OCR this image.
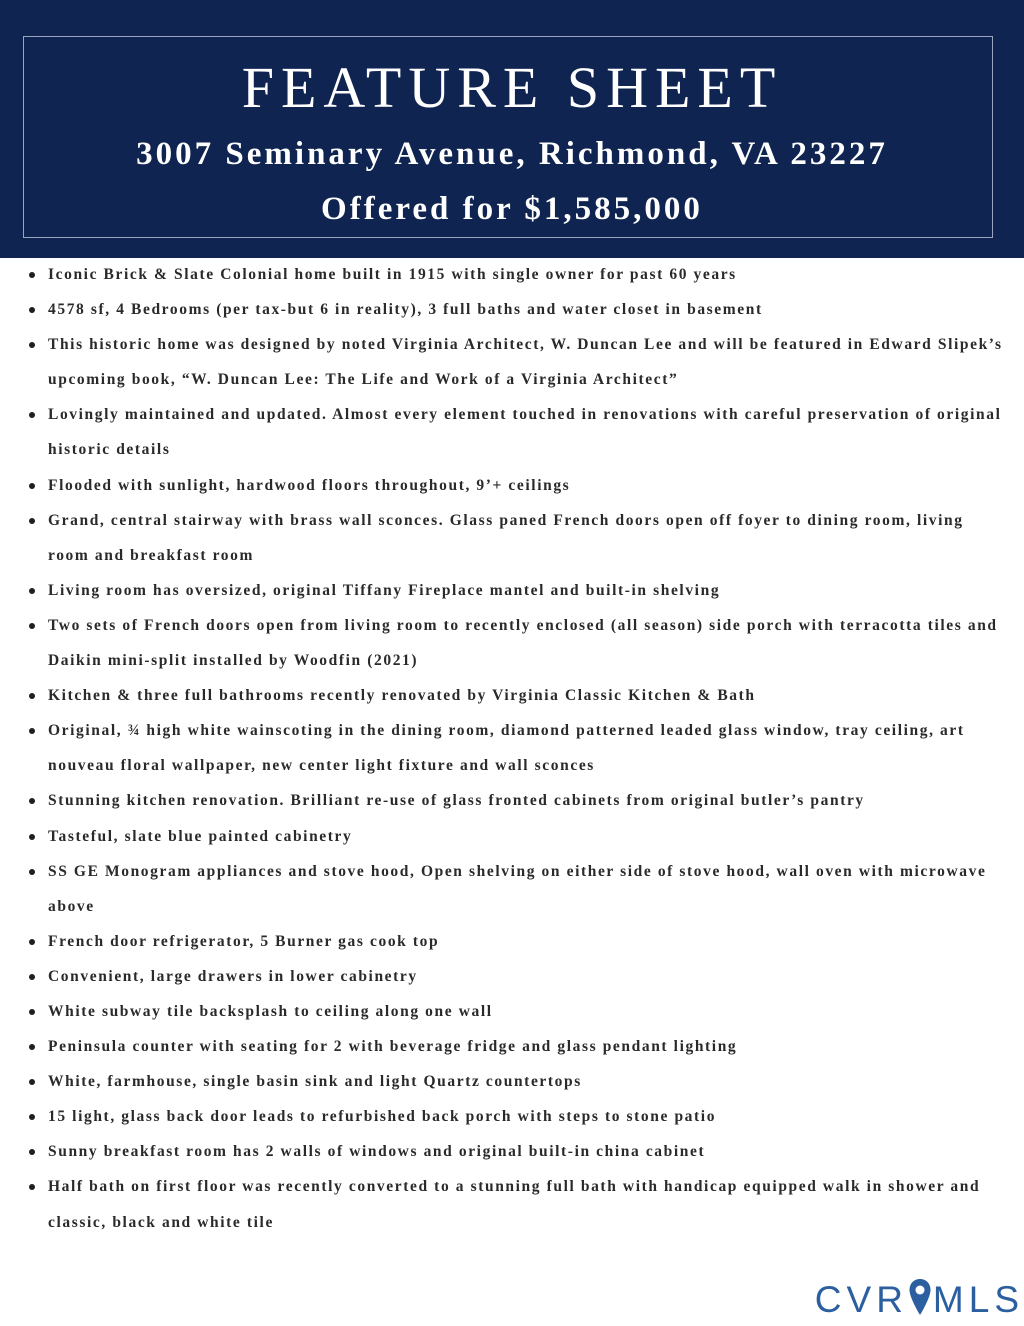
FEATURE SHEET
3007 Seminary Avenue, Richmond, VA 23227
Offered for $1,585,000
Iconic Brick & Slate Colonial home built in 1915 with single owner for past 60 years
4578 sf, 4 Bedrooms (per tax-but 6 in reality), 3 full baths and water closet in basement
This historic home was designed by noted Virginia Architect, W. Duncan Lee and will be featured in Edward Slipek’s upcoming book, “W. Duncan Lee: The Life and Work of a Virginia Architect”
Lovingly maintained and updated. Almost every element touched in renovations with careful preservation of original historic details
Flooded with sunlight, hardwood floors throughout, 9’+ ceilings
Grand, central stairway with brass wall sconces. Glass paned French doors open off foyer to dining room, living room and breakfast room
Living room has oversized, original Tiffany Fireplace mantel and built-in shelving
Two sets of French doors open from living room to recently enclosed (all season) side porch with terracotta tiles and Daikin mini-split installed by Woodfin (2021)
Kitchen & three full bathrooms recently renovated by Virginia Classic Kitchen & Bath
Original, ¾ high white wainscoting in the dining room, diamond patterned leaded glass window, tray ceiling, art nouveau floral wallpaper, new center light fixture and wall sconces
Stunning kitchen renovation. Brilliant re-use of glass fronted cabinets from original butler’s pantry
Tasteful, slate blue painted cabinetry
SS GE Monogram appliances and stove hood, Open shelving on either side of stove hood, wall oven with microwave above
French door refrigerator, 5 Burner gas cook top
Convenient, large drawers in lower cabinetry
White subway tile backsplash to ceiling along one wall
Peninsula counter with seating for 2 with beverage fridge and glass pendant lighting
White, farmhouse, single basin sink and light Quartz countertops
15 light, glass back door leads to refurbished back porch with steps to stone patio
Sunny breakfast room has 2 walls of windows and original built-in china cabinet
Half bath on first floor was recently converted to a stunning full bath with handicap equipped walk in shower and classic, black and white tile
CVR MLS
